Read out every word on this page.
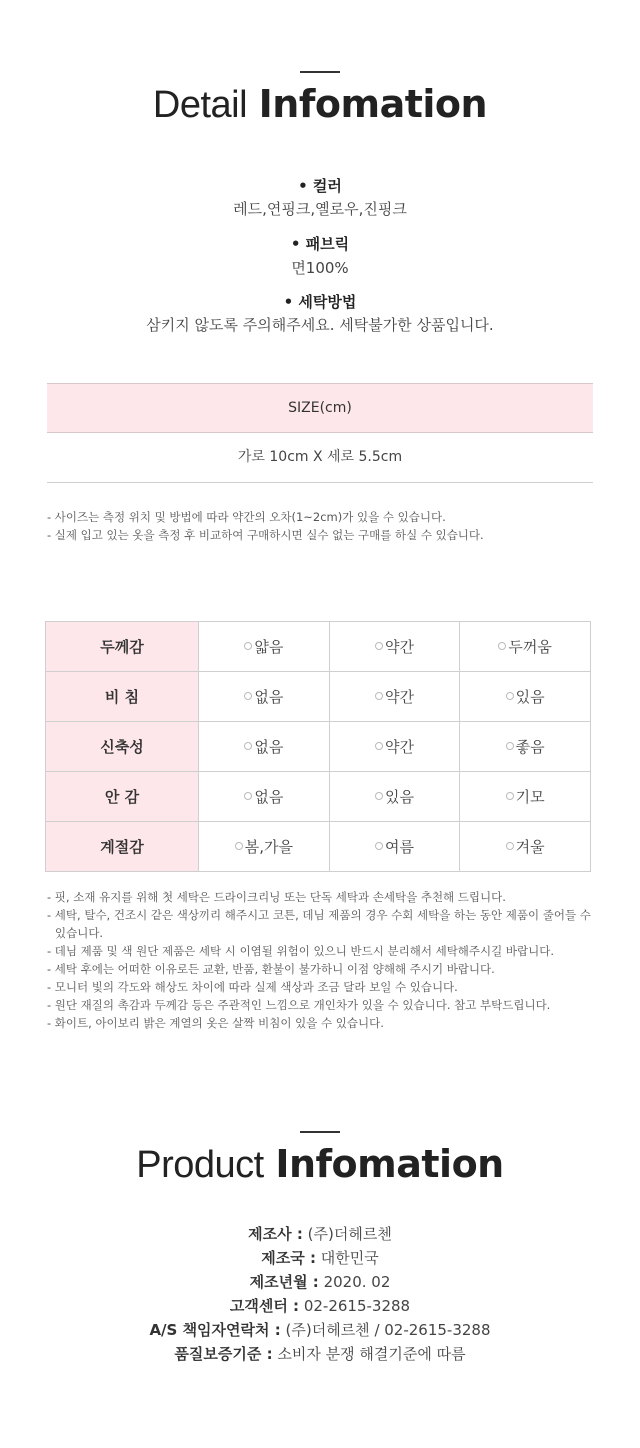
Detail Infomation
• 컬러
레드,연핑크,옐로우,진핑크
• 패브릭
면100%
• 세탁방법
삼키지 않도록 주의해주세요. 세탁불가한 상품입니다.
SIZE(cm)
가로 10cm X 세로 5.5cm

- 사이즈는 측정 위치 및 방법에 따라 약간의 오차(1~2cm)가 있을 수 있습니다.

- 실제 입고 있는 옷을 측정 후 비교하여 구매하시면 실수 없는 구매를 하실 수 있습니다.

두께감	얇음	약간	두꺼움
비 침	없음	약간	있음
신축성	없음	약간	좋음
안 감	없음	있음	기모
계절감	봄,가을	여름	겨울

- 핏, 소재 유지를 위해 첫 세탁은 드라이크리닝 또는 단독 세탁과 손세탁을 추천해 드립니다.

- 세탁, 탈수, 건조시 같은 색상끼리 해주시고 코튼, 데님 제품의 경우 수회 세탁을 하는 동안 제품이 줄어들 수 있습니다.

- 데님 제품 및 색 원단 제품은 세탁 시 이염될 위험이 있으니 반드시 분리해서 세탁해주시길 바랍니다.

- 세탁 후에는 어떠한 이유로든 교환, 반품, 환불이 불가하니 이점 양해해 주시기 바랍니다.

- 모니터 빛의 각도와 해상도 차이에 따라 실제 색상과 조금 달라 보일 수 있습니다.

- 원단 재질의 촉감과 두께감 등은 주관적인 느낌으로 개인차가 있을 수 있습니다. 참고 부탁드립니다.

- 화이트, 아이보리 밝은 계열의 옷은 살짝 비침이 있을 수 있습니다.

Product Infomation
제조사 : (주)더헤르첸
제조국 : 대한민국
제조년월 : 2020. 02
고객센터 : 02-2615-3288
A/S 책임자연락처 : (주)더헤르첸 / 02-2615-3288
품질보증기준 : 소비자 분쟁 해결기준에 따름
